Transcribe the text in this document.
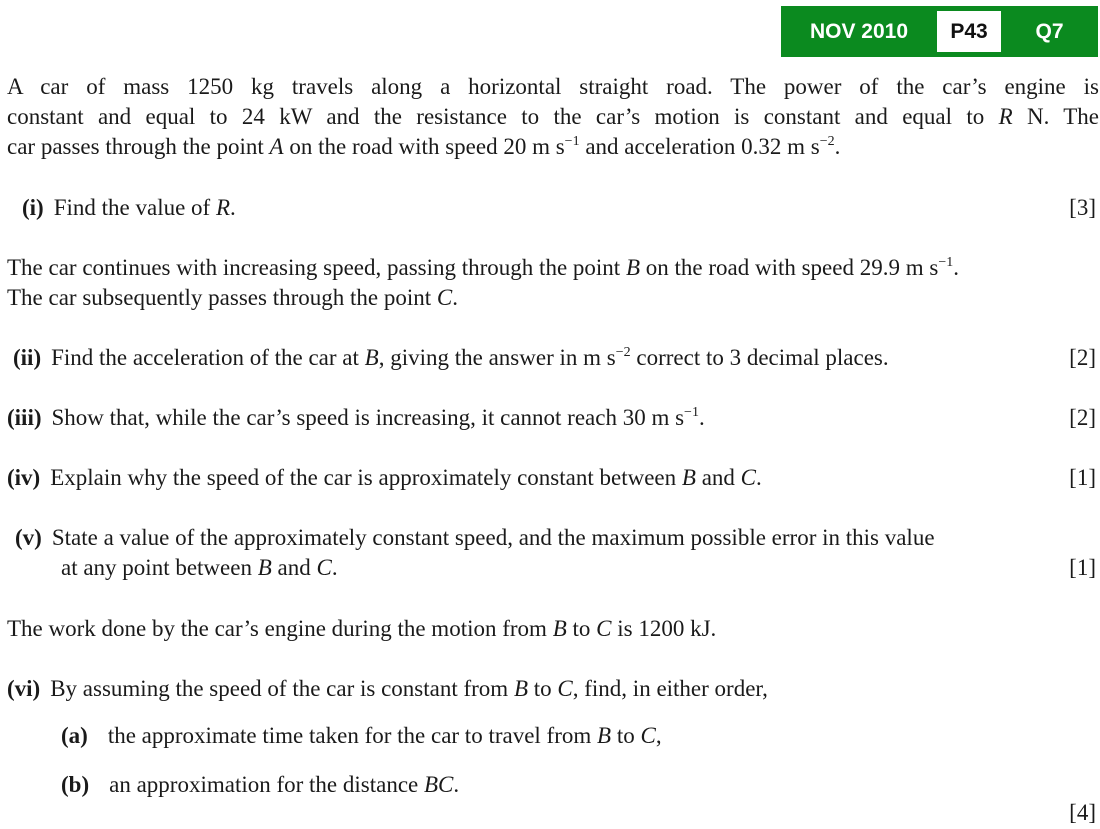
NOV 2010	P43	Q7
A car of mass 1250 kg travels along a horizontal straight road. The power of the car’s engine is
constant and equal to 24 kW and the resistance to the car’s motion is constant and equal to R N. The
car passes through the point A on the road with speed 20 m $s^{-1}$ and acceleration 0.32 m $s^{-2}$.
(i) Find the value of R.	[3]
The car continues with increasing speed, passing through the point B on the road with speed 29.9 m $s^{-1}$.
The car subsequently passes through the point C.
(ii) Find the acceleration of the car at B, giving the answer in m $s^{-2}$ correct to 3 decimal places.	[2]
(iii) Show that, while the car’s speed is increasing, it cannot reach 30 m $s^{-1}$.	[2]
(iv) Explain why the speed of the car is approximately constant between B and C.	[1]
(v) State a value of the approximately constant speed, and the maximum possible error in this value
at any point between B and C.	[1]
The work done by the car’s engine during the motion from B to C is 1200 kJ.
(vi) By assuming the speed of the car is constant from B to C, find, in either order,
(a) the approximate time taken for the car to travel from B to C,
(b) an approximation for the distance BC.
[4]
